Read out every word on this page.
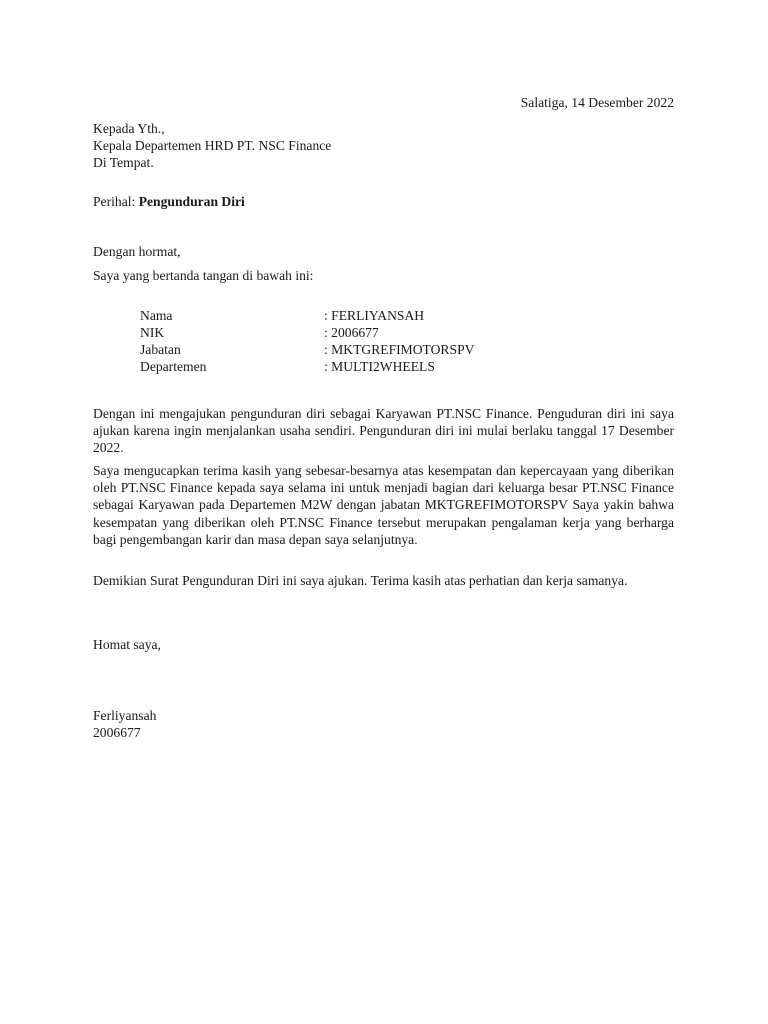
Salatiga, 14 Desember 2022
Kepada Yth.,
Kepala Departemen HRD PT. NSC Finance
Di Tempat.
Perihal: Pengunduran Diri
Dengan hormat,
Saya yang bertanda tangan di bawah ini:
Nama	: FERLIYANSAH
NIK	: 2006677
Jabatan	: MKTGREFIMOTORSPV
Departemen	: MULTI2WHEELS
Dengan ini mengajukan pengunduran diri sebagai Karyawan PT.NSC Finance. Penguduran diri ini saya ajukan karena ingin menjalankan usaha sendiri. Pengunduran diri ini mulai berlaku tanggal 17 Desember 2022.
Saya mengucapkan terima kasih yang sebesar-besarnya atas kesempatan dan kepercayaan yang diberikan oleh PT.NSC Finance kepada saya selama ini untuk menjadi bagian dari keluarga besar PT.NSC Finance sebagai Karyawan pada Departemen M2W dengan jabatan MKTGREFIMOTORSPV Saya yakin bahwa kesempatan yang diberikan oleh PT.NSC Finance tersebut merupakan pengalaman kerja yang berharga bagi pengembangan karir dan masa depan saya selanjutnya.
Demikian Surat Pengunduran Diri ini saya ajukan. Terima kasih atas perhatian dan kerja samanya.
Homat saya,
Ferliyansah
2006677
